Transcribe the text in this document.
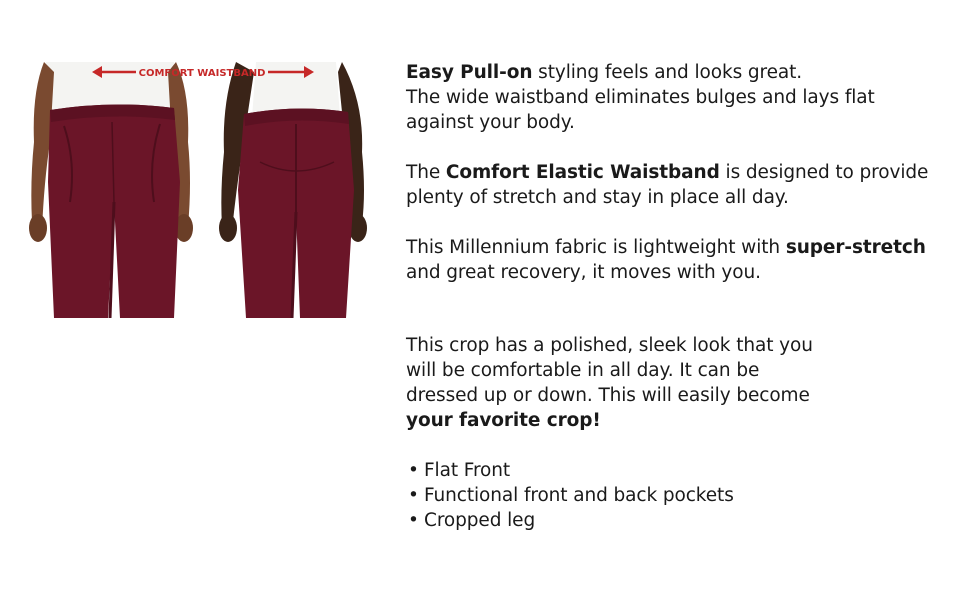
COMFORT WAISTBAND	Easy Pull-on styling feels and looks great.
The wide waistband eliminates bulges and lays flat
against your body.

The Comfort Elastic Waistband is designed to provide
plenty of stretch and stay in place all day.

This Millennium fabric is lightweight with super-stretch
and great recovery, it moves with you.

This crop has a polished, sleek look that you
will be comfortable in all day. It can be
dressed up or down. This will easily become
your favorite crop!

• Flat Front
• Functional front and back pockets
• Cropped leg
